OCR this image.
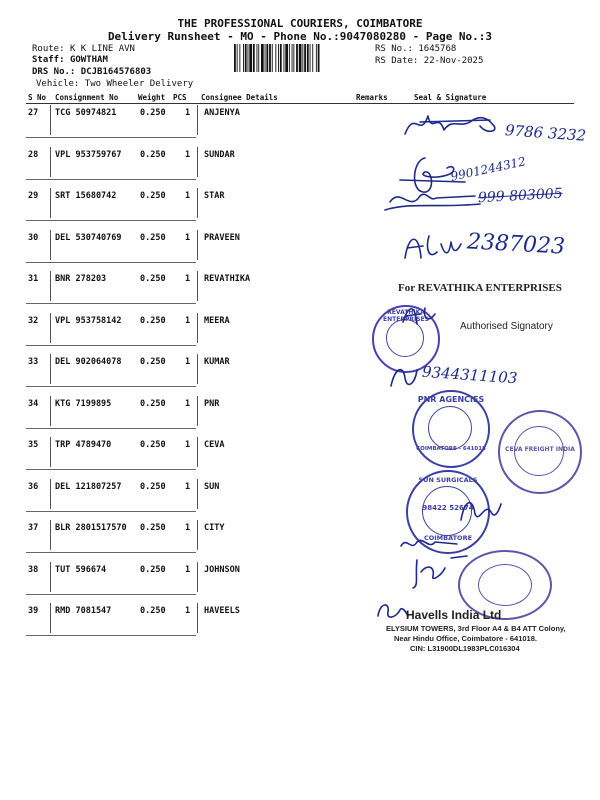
THE PROFESSIONAL COURIERS, COIMBATORE
Delivery Runsheet - MO - Phone No.:9047080280 - Page No.:3
Route: K K LINE AVN
Staff: GOWTHAM
DRS No.: DCJB164576803
Vehicle: Two Wheeler Delivery
RS No.: 1645768
RS Date: 22-Nov-2025
S No Consignment No	Weight PCS Consignee Details	Remarks	Seal & Signature
27 TCG 50974821	0.250 1 ANJENYA
28 VPL 953759767 0.250 1 SUNDAR
29 SRT 15680742	0.250 1 STAR
30 DEL 530740769 0.250 1 PRAVEEN
31 BNR 278203	0.250 1 REVATHIKA
32 VPL 953758142 0.250 1 MEERA
33 DEL 902064078 0.250 1 KUMAR
34 KTG 7199895	0.250 1 PNR
35 TRP 4789470	0.250 1 CEVA
36 DEL 121807257 0.250 1 SUN
37 BLR 2801517570 0.250 1 CITY
38 TUT 596674	0.250 1 JOHNSON
39 RMD 7081547	0.250 1 HAVEELS
9786 3232
9901244312
999 803005
2387023
For REVATHIKA ENTERPRISES
REVATHIKA ENTERPRISES
Authorised Signatory
9344311103
PNR AGENCIES
COIMBATORE - 641018	CEVA FREIGHT INDIA
SUN SURGICALS
98422 52674
COIMBATORE
Havells India Ltd
ELYSIUM TOWERS, 3rd Floor A4 & B4 ATT Colony,
Near Hindu Office, Coimbatore - 641018.
CIN: L31900DL1983PLC016304
